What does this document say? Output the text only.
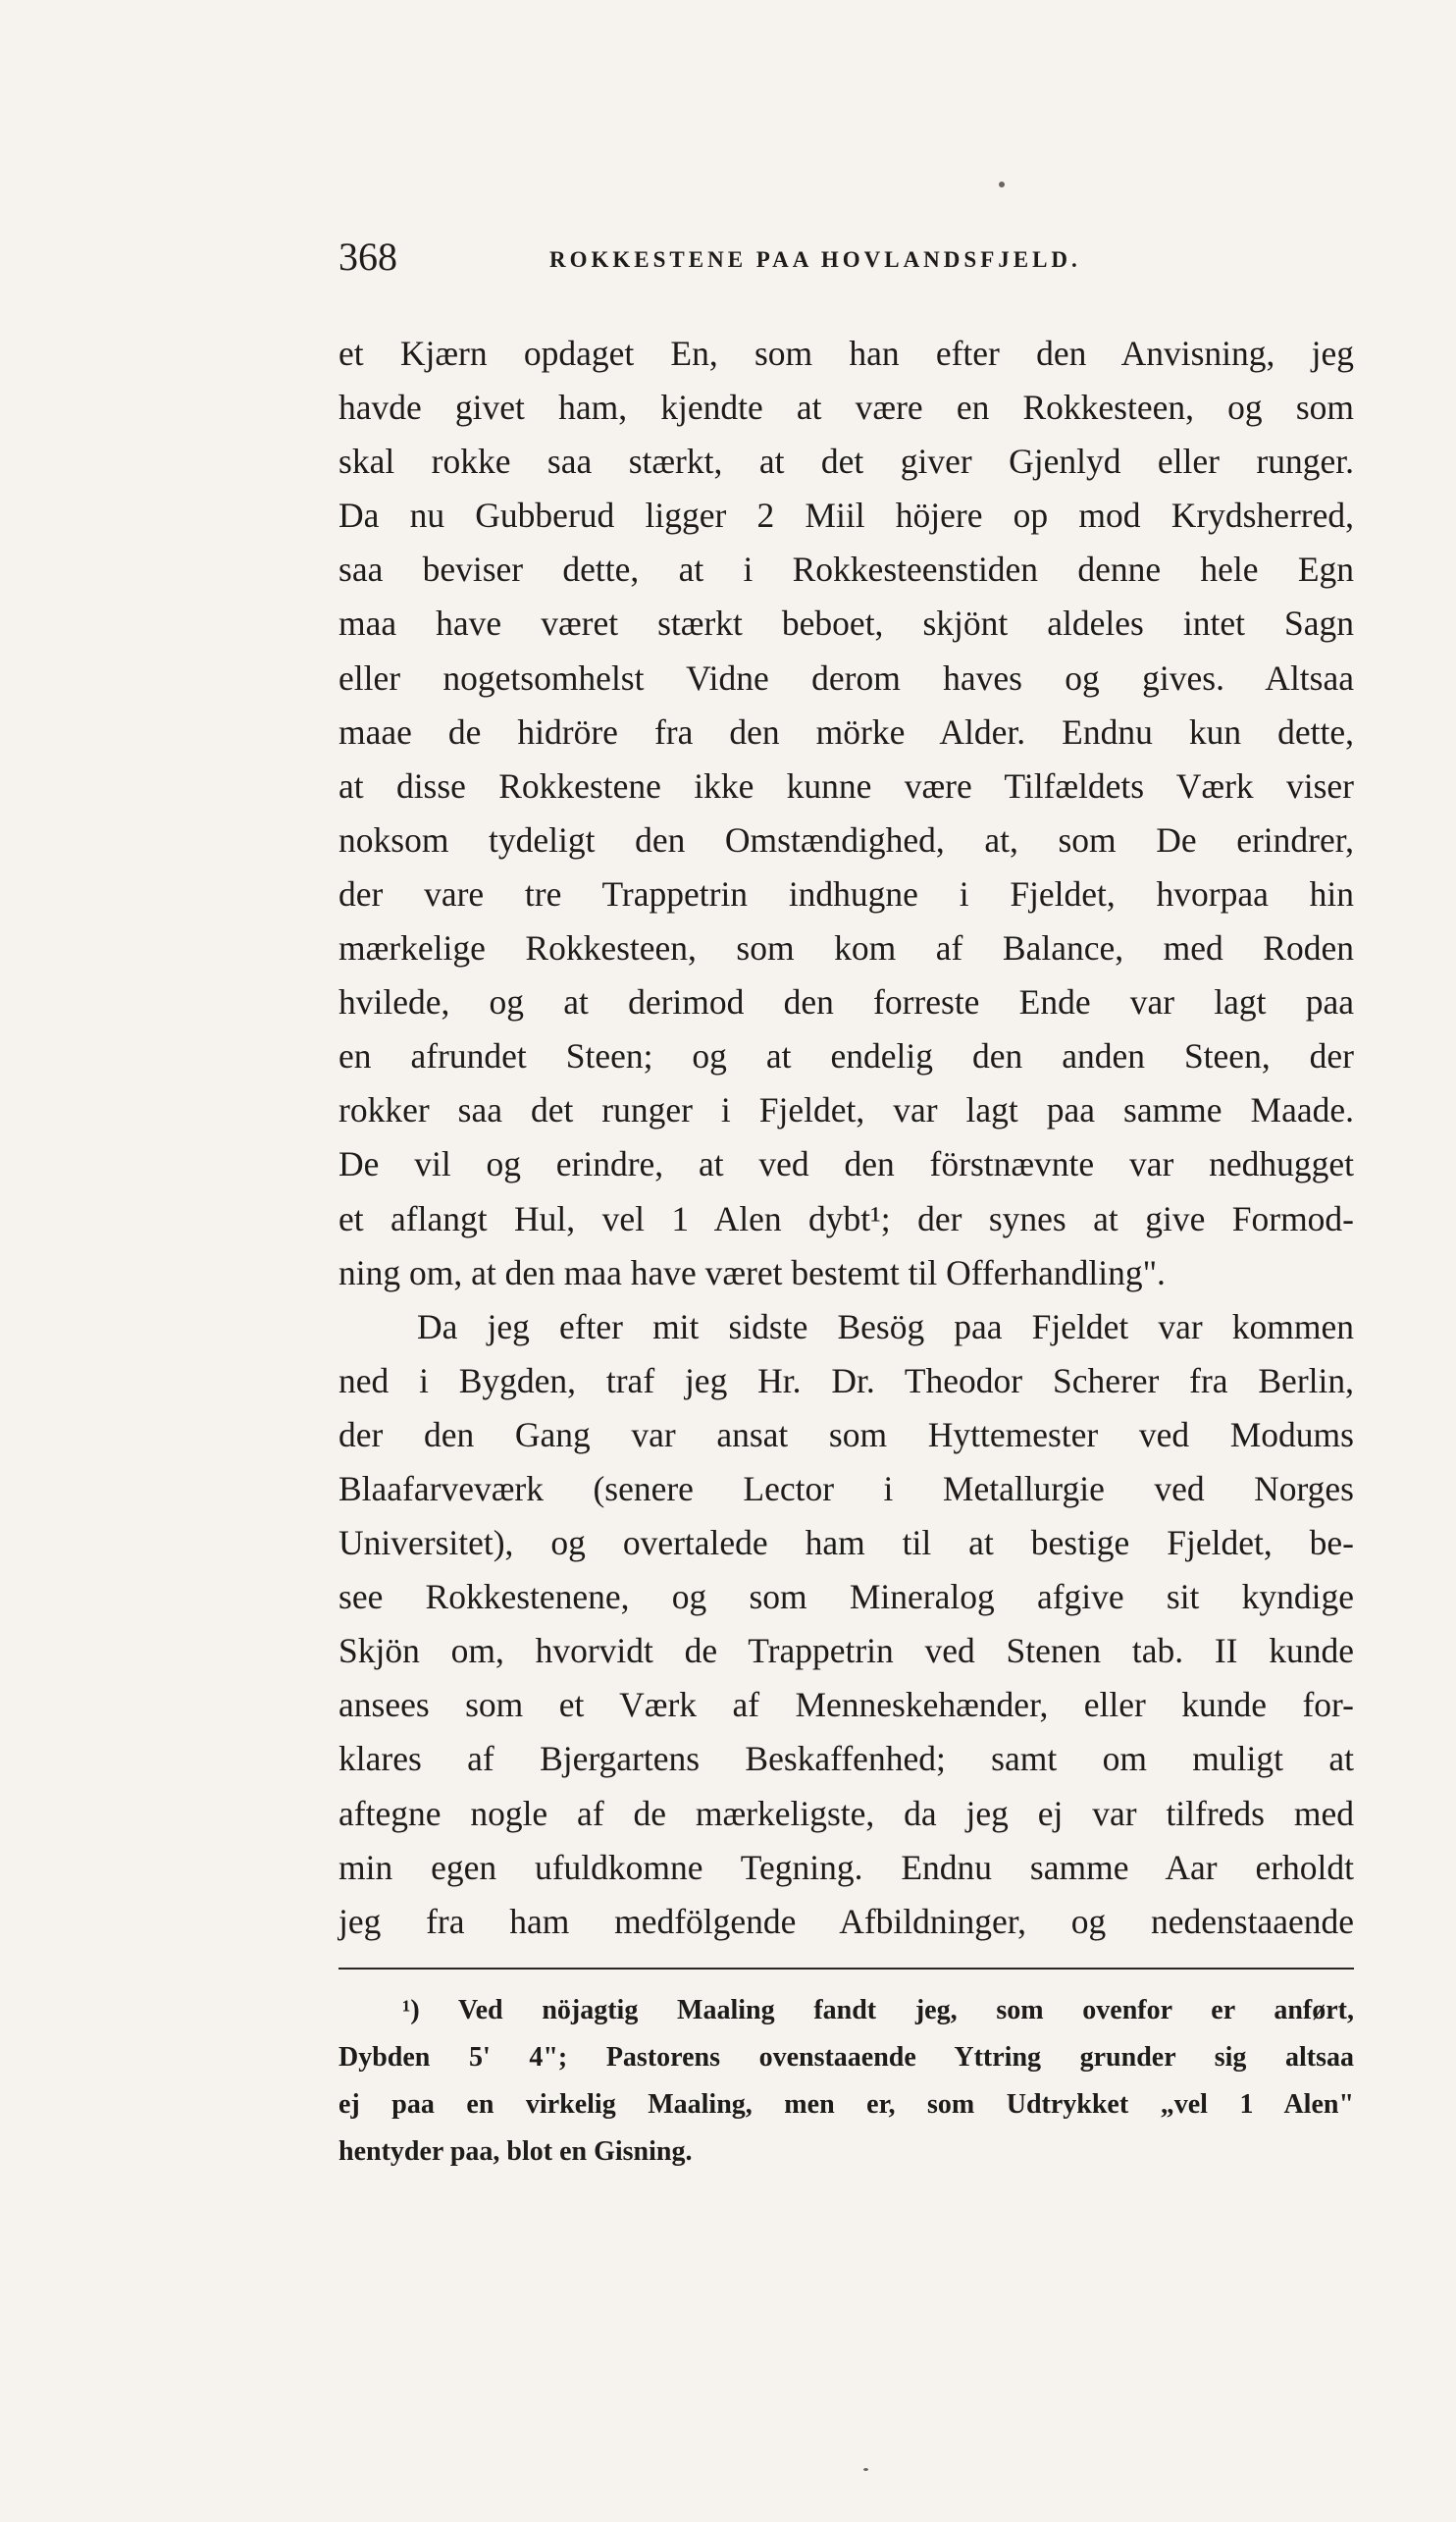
368	ROKKESTENE PAA HOVLANDSFJELD.
et Kjærn opdaget En, som han efter den Anvisning, jeg
havde givet ham, kjendte at være en Rokkesteen, og som
skal rokke saa stærkt, at det giver Gjenlyd eller runger.
Da nu Gubberud ligger 2 Miil höjere op mod Krydsherred,
saa beviser dette, at i Rokkesteenstiden denne hele Egn
maa have været stærkt beboet, skjönt aldeles intet Sagn
eller nogetsomhelst Vidne derom haves og gives. Altsaa
maae de hidröre fra den mörke Alder. Endnu kun dette,
at disse Rokkestene ikke kunne være Tilfældets Værk viser
noksom tydeligt den Omstændighed, at, som De erindrer,
der vare tre Trappetrin indhugne i Fjeldet, hvorpaa hin
mærkelige Rokkesteen, som kom af Balance, med Roden
hvilede, og at derimod den forreste Ende var lagt paa
en afrundet Steen; og at endelig den anden Steen, der
rokker saa det runger i Fjeldet, var lagt paa samme Maade.
De vil og erindre, at ved den förstnævnte var nedhugget
et aflangt Hul, vel 1 Alen dybt¹; der synes at give Formod-
ning om, at den maa have været bestemt til Offerhandling".
Da jeg efter mit sidste Besög paa Fjeldet var kommen
ned i Bygden, traf jeg Hr. Dr. Theodor Scherer fra Berlin,
der den Gang var ansat som Hyttemester ved Modums
Blaafarveværk (senere Lector i Metallurgie ved Norges
Universitet), og overtalede ham til at bestige Fjeldet, be-
see Rokkestenene, og som Mineralog afgive sit kyndige
Skjön om, hvorvidt de Trappetrin ved Stenen tab. II kunde
ansees som et Værk af Menneskehænder, eller kunde for-
klares af Bjergartens Beskaffenhed; samt om muligt at
aftegne nogle af de mærkeligste, da jeg ej var tilfreds med
min egen ufuldkomne Tegning. Endnu samme Aar erholdt
jeg fra ham medfölgende Afbildninger, og nedenstaaende
¹) Ved nöjagtig Maaling fandt jeg, som ovenfor er anført,
Dybden 5' 4"; Pastorens ovenstaaende Yttring grunder sig altsaa
ej paa en virkelig Maaling, men er, som Udtrykket „vel 1 Alen"
hentyder paa, blot en Gisning.
